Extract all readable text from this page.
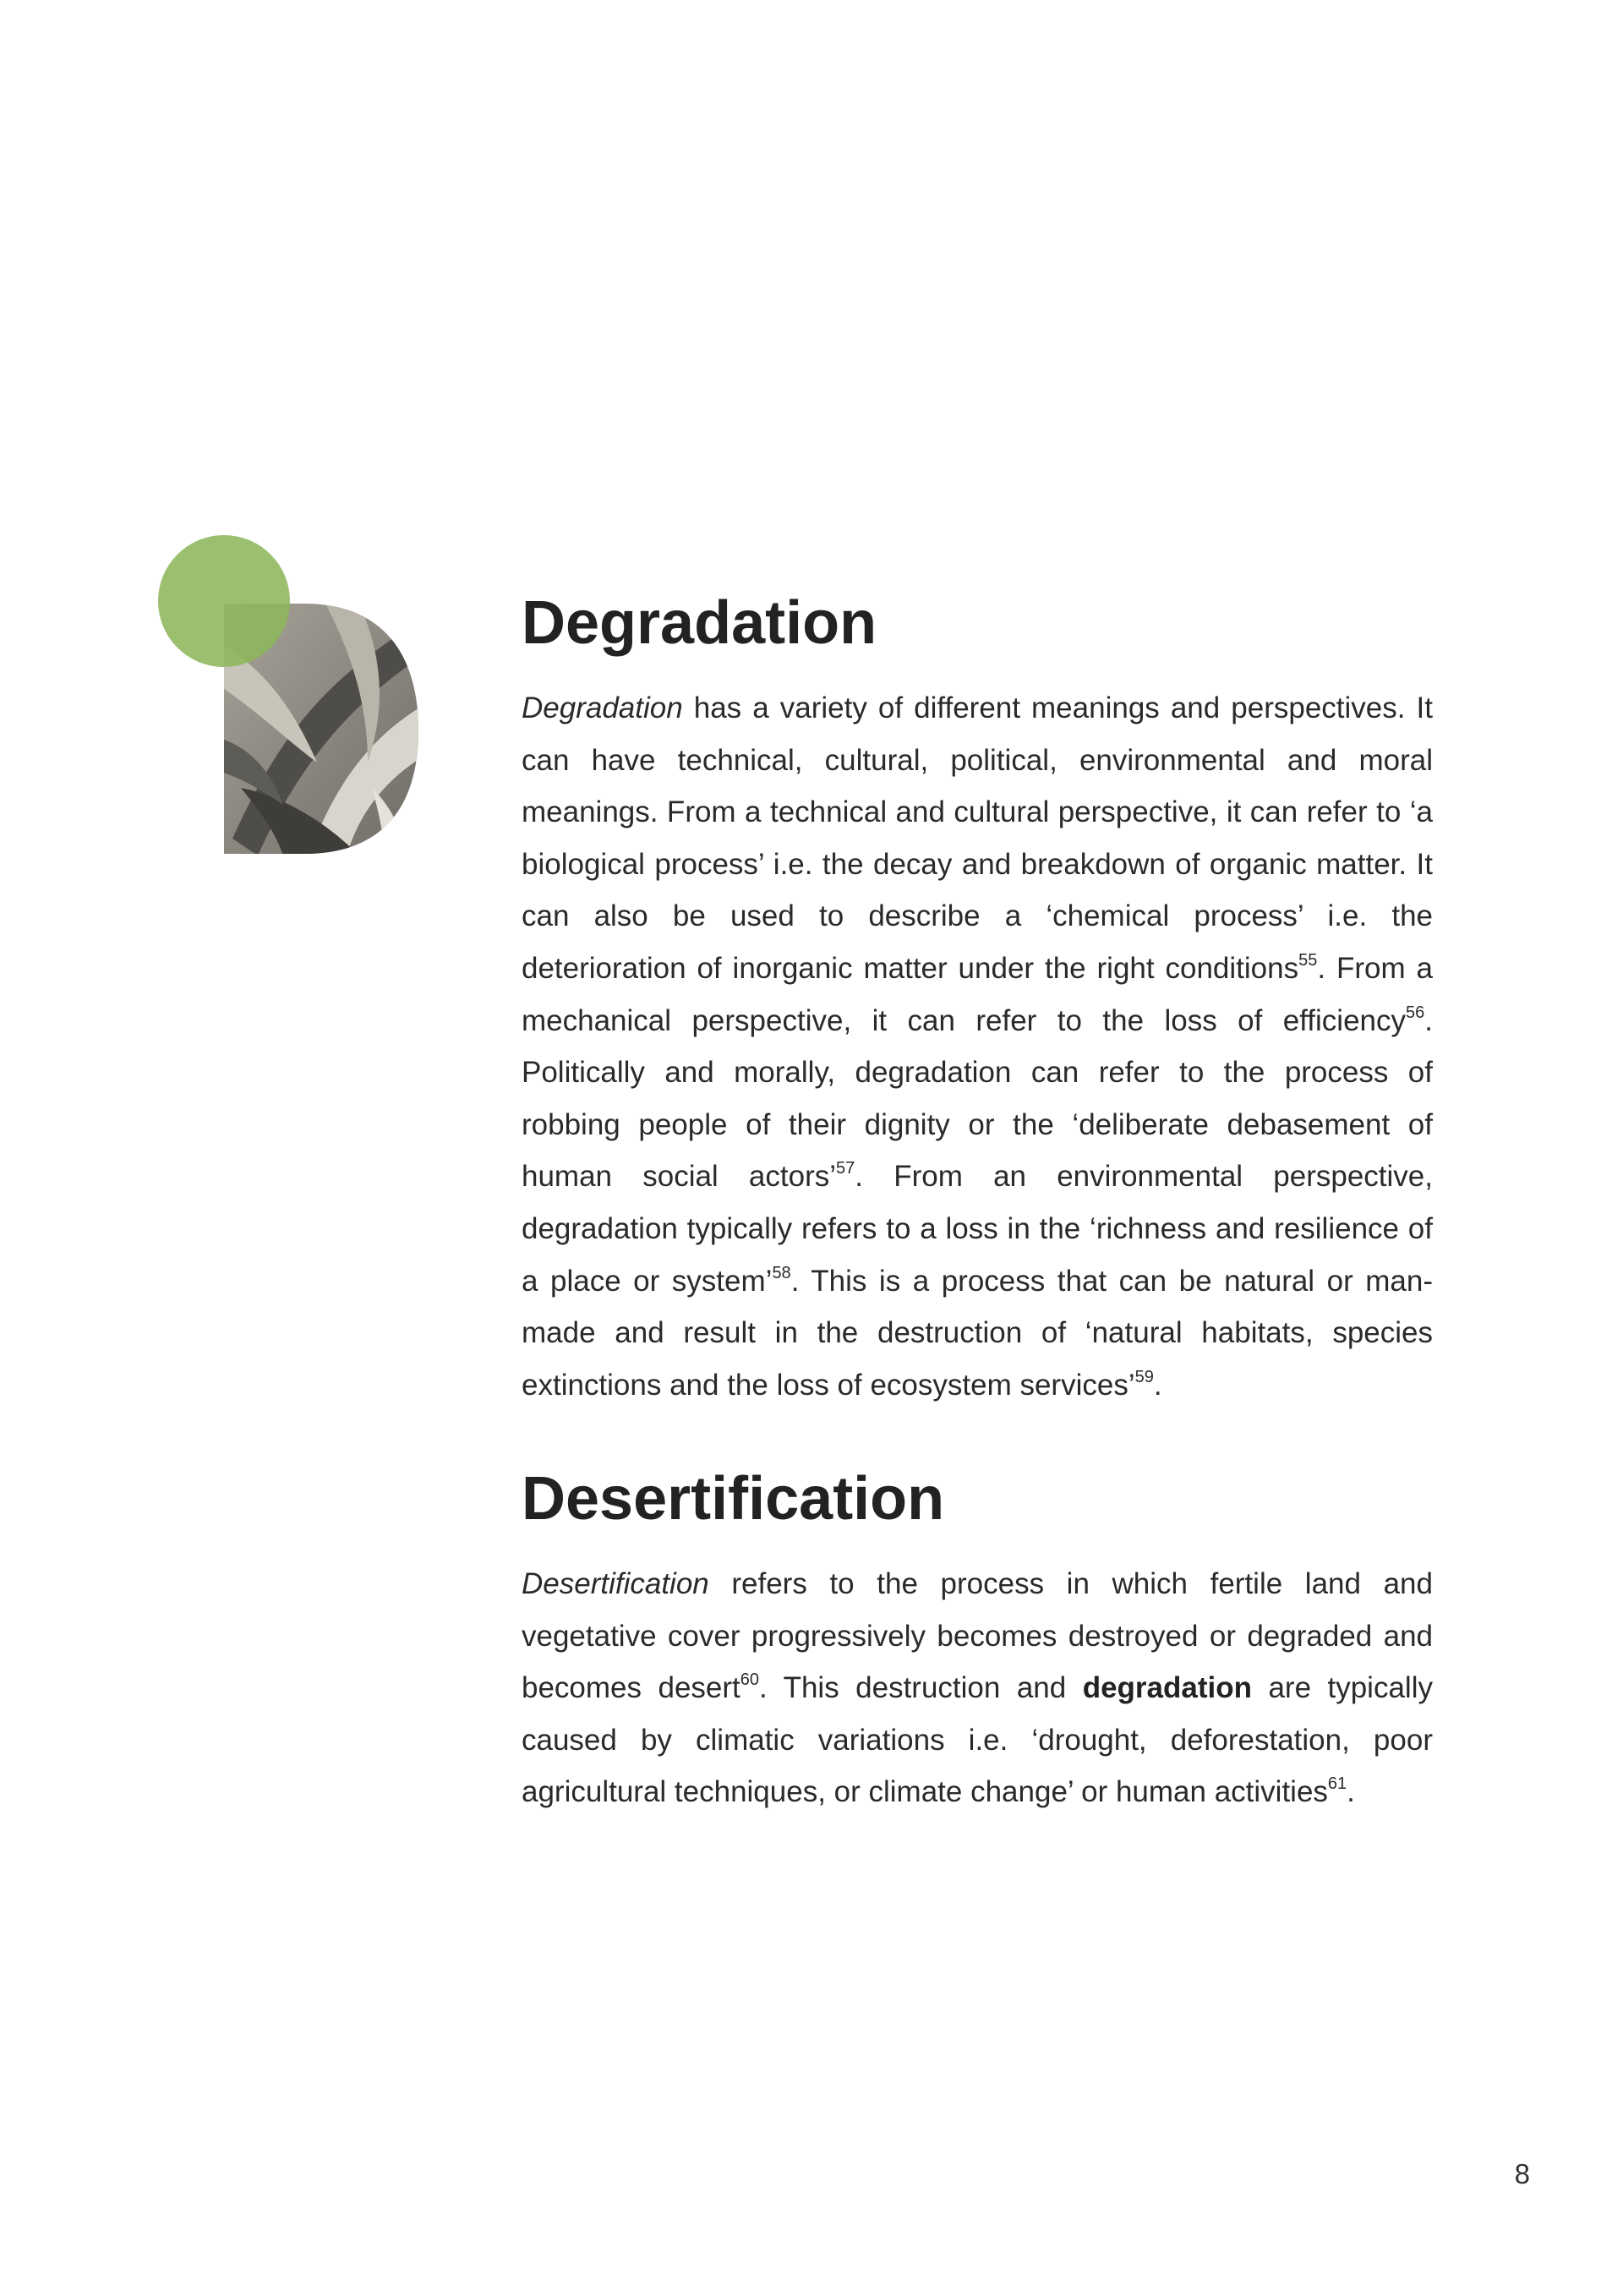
D
Degradation

Degradation has a variety of different meanings and perspectives. It can have technical, cultural, political, environmental and moral meanings. From a technical and cultural perspective, it can refer to ‘a biological process’ i.e. the decay and breakdown of organic matter. It can also be used to describe a ‘chemical process’ i.e. the deterioration of inorganic matter under the right conditions$^{55}$. From a mechanical perspective, it can refer to the loss of efficiency$^{56}$. Politically and morally, degradation can refer to the process of robbing people of their dignity or the ‘deliberate debasement of human social actors’$^{57}$. From an environmental perspective, degradation typically refers to a loss in the ‘richness and resilience of a place or system’$^{58}$. This is a process that can be natural or man-made and result in the destruction of ‘natural habitats, species extinctions and the loss of ecosystem services’$^{59}$.

Desertification

Desertification refers to the process in which fertile land and vegetative cover progressively becomes destroyed or degraded and becomes desert$^{60}$. This destruction and degradation are typically caused by climatic variations i.e. ‘drought, deforestation, poor agricultural techniques, or climate change’ or human activities$^{61}$.

8
